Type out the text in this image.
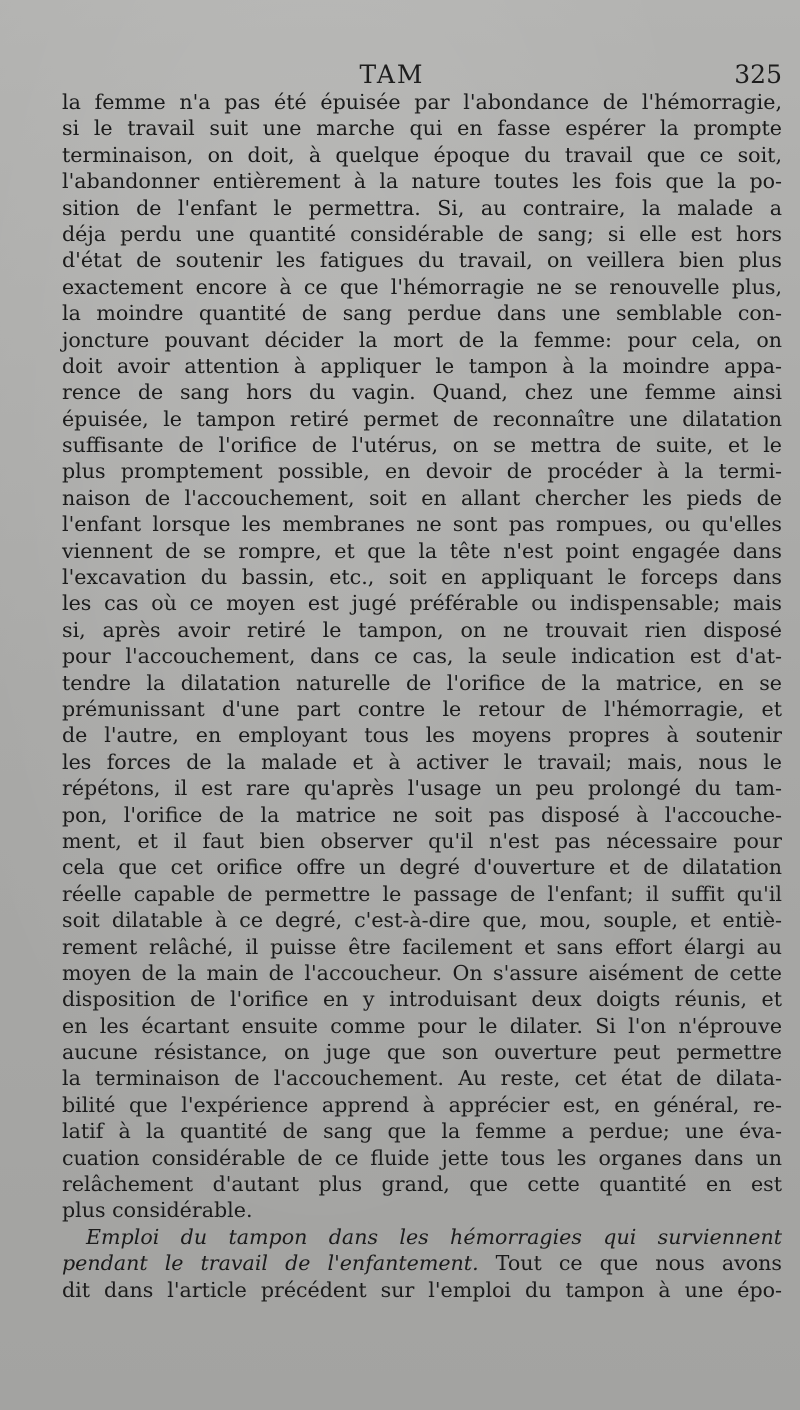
TAM	325
la femme n'a pas été épuisée par l'abondance de l'hémorragie,
si le travail suit une marche qui en fasse espérer la prompte
terminaison, on doit, à quelque époque du travail que ce soit,
l'abandonner entièrement à la nature toutes les fois que la po-
sition de l'enfant le permettra. Si, au contraire, la malade a
déja perdu une quantité considérable de sang; si elle est hors
d'état de soutenir les fatigues du travail, on veillera bien plus
exactement encore à ce que l'hémorragie ne se renouvelle plus,
la moindre quantité de sang perdue dans une semblable con-
joncture pouvant décider la mort de la femme: pour cela, on
doit avoir attention à appliquer le tampon à la moindre appa-
rence de sang hors du vagin. Quand, chez une femme ainsi
épuisée, le tampon retiré permet de reconnaître une dilatation
suffisante de l'orifice de l'utérus, on se mettra de suite, et le
plus promptement possible, en devoir de procéder à la termi-
naison de l'accouchement, soit en allant chercher les pieds de
l'enfant lorsque les membranes ne sont pas rompues, ou qu'elles
viennent de se rompre, et que la tête n'est point engagée dans
l'excavation du bassin, etc., soit en appliquant le forceps dans
les cas où ce moyen est jugé préférable ou indispensable; mais
si, après avoir retiré le tampon, on ne trouvait rien disposé
pour l'accouchement, dans ce cas, la seule indication est d'at-
tendre la dilatation naturelle de l'orifice de la matrice, en se
prémunissant d'une part contre le retour de l'hémorragie, et
de l'autre, en employant tous les moyens propres à soutenir
les forces de la malade et à activer le travail; mais, nous le
répétons, il est rare qu'après l'usage un peu prolongé du tam-
pon, l'orifice de la matrice ne soit pas disposé à l'accouche-
ment, et il faut bien observer qu'il n'est pas nécessaire pour
cela que cet orifice offre un degré d'ouverture et de dilatation
réelle capable de permettre le passage de l'enfant; il suffit qu'il
soit dilatable à ce degré, c'est-à-dire que, mou, souple, et entiè-
rement relâché, il puisse être facilement et sans effort élargi au
moyen de la main de l'accoucheur. On s'assure aisément de cette
disposition de l'orifice en y introduisant deux doigts réunis, et
en les écartant ensuite comme pour le dilater. Si l'on n'éprouve
aucune résistance, on juge que son ouverture peut permettre
la terminaison de l'accouchement. Au reste, cet état de dilata-
bilité que l'expérience apprend à apprécier est, en général, re-
latif à la quantité de sang que la femme a perdue; une éva-
cuation considérable de ce fluide jette tous les organes dans un
relâchement d'autant plus grand, que cette quantité en est
plus considérable.
Emploi du tampon dans les hémorragies qui surviennent
pendant le travail de l'enfantement. Tout ce que nous avons
dit dans l'article précédent sur l'emploi du tampon à une épo-
